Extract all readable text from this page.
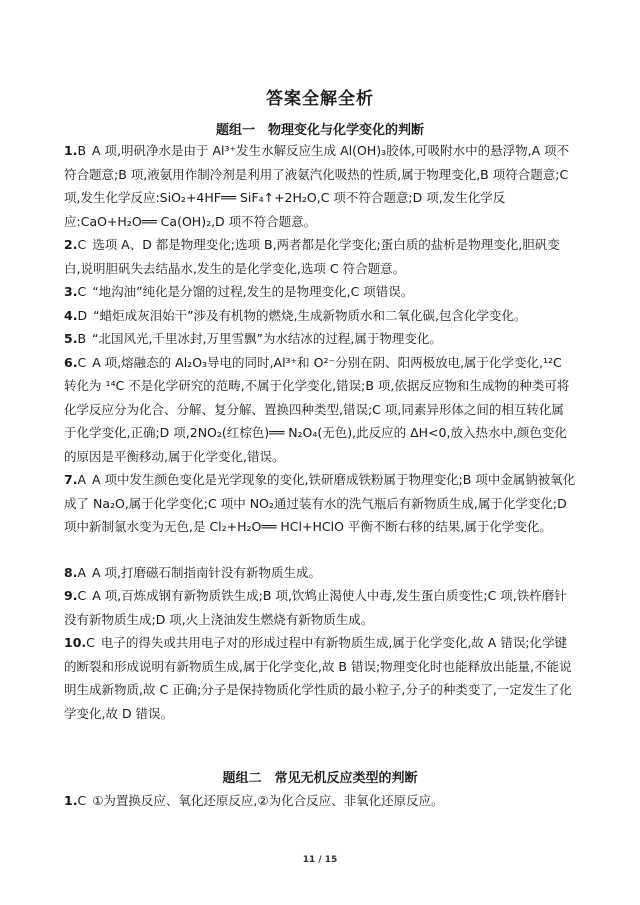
答案全解全析
题组一　物理变化与化学变化的判断

1.B A 项,明矾净水是由于 Al³⁺发生水解反应生成 Al(OH)₃胶体,可吸附水中的悬浮物,A 项不符合题意;B 项,液氨用作制冷剂是利用了液氨汽化吸热的性质,属于物理变化,B 项符合题意;C 项,发生化学反应:SiO₂+4HF══ SiF₄↑+2H₂O,C 项不符合题意;D 项,发生化学反应:CaO+H₂O══ Ca(OH)₂,D 项不符合题意。

2.C 选项 A、D 都是物理变化;选项 B,两者都是化学变化;蛋白质的盐析是物理变化,胆矾变白,说明胆矾失去结晶水,发生的是化学变化,选项 C 符合题意。

3.C “地沟油”纯化是分馏的过程,发生的是物理变化,C 项错误。

4.D “蜡炬成灰泪始干”涉及有机物的燃烧,生成新物质水和二氧化碳,包含化学变化。

5.B “北国风光,千里冰封,万里雪飘”为水结冰的过程,属于物理变化。

6.C A 项,熔融态的 Al₂O₃导电的同时,Al³⁺和 O²⁻分别在阴、阳两极放电,属于化学变化,¹²C 转化为 ¹⁴C 不是化学研究的范畴,不属于化学变化,错误;B 项,依据反应物和生成物的种类可将化学反应分为化合、分解、复分解、置换四种类型,错误;C 项,同素异形体之间的相互转化属于化学变化,正确;D 项,2NO₂(红棕色)══ N₂O₄(无色),此反应的 ΔH<0,放入热水中,颜色变化的原因是平衡移动,属于化学变化,错误。

7.A A 项中发生颜色变化是光学现象的变化,铁研磨成铁粉属于物理变化;B 项中金属钠被氧化成了 Na₂O,属于化学变化;C 项中 NO₂通过装有水的洗气瓶后有新物质生成,属于化学变化;D 项中新制氯水变为无色,是 Cl₂+H₂O══ HCl+HClO 平衡不断右移的结果,属于化学变化。

8.A A 项,打磨磁石制指南针没有新物质生成。

9.C A 项,百炼成钢有新物质铁生成;B 项,饮鸩止渴使人中毒,发生蛋白质变性;C 项,铁杵磨针没有新物质生成;D 项,火上浇油发生燃烧有新物质生成。

10.C 电子的得失或共用电子对的形成过程中有新物质生成,属于化学变化,故 A 错误;化学键的断裂和形成说明有新物质生成,属于化学变化,故 B 错误;物理变化时也能释放出能量,不能说明生成新物质,故 C 正确;分子是保持物质化学性质的最小粒子,分子的种类变了,一定发生了化学变化,故 D 错误。

题组二　常见无机反应类型的判断

1.C ①为置换反应、氧化还原反应,②为化合反应、非氧化还原反应。

11 / 15
